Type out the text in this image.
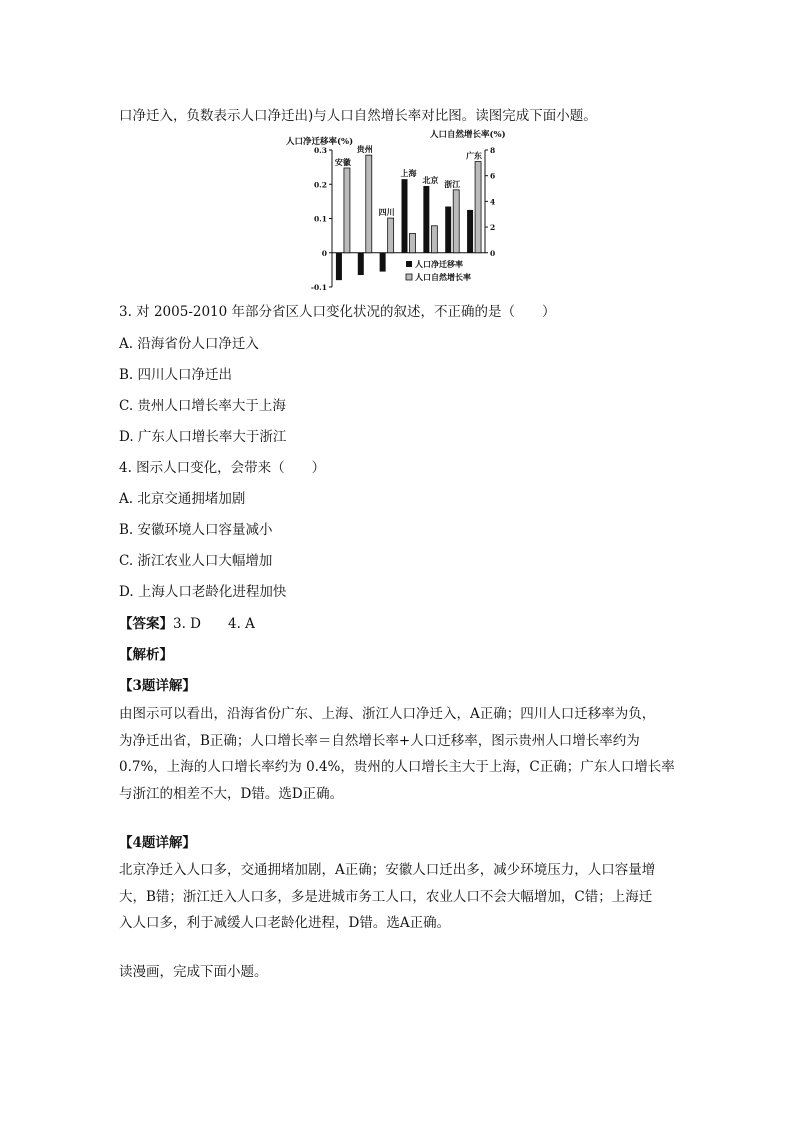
口净迁入，负数表示人口净迁出)与人口自然增长率对比图。读图完成下面小题。
人口净迁移率(%)
人口自然增长率(%)
0.3
0.2
0.1
0
-0.1
8
6
4
2
0
安徽
贵州
四川
上海
北京 浙江
广东
人口净迁移率
人口自然增长率
3. 对 2005-2010 年部分省区人口变化状况的叙述，不正确的是（　　）
A. 沿海省份人口净迁入
B. 四川人口净迁出
C. 贵州人口增长率大于上海
D. 广东人口增长率大于浙江
4. 图示人口变化，会带来（　　）
A. 北京交通拥堵加剧
B. 安徽环境人口容量减小
C. 浙江农业人口大幅增加
D. 上海人口老龄化进程加快
【答案】3. D　　4. A
【解析】
【3题详解】
由图示可以看出，沿海省份广东、上海、浙江人口净迁入，A正确；四川人口迁移率为负，
为净迁出省，B正确；人口增长率＝自然增长率+人口迁移率，图示贵州人口增长率约为
0.7%，上海的人口增长率约为 0.4%，贵州的人口增长主大于上海，C正确；广东人口增长率
与浙江的相差不大，D错。选D正确。
【4题详解】
北京净迁入人口多，交通拥堵加剧，A正确；安徽人口迁出多，减少环境压力，人口容量增
大，B错；浙江迁入人口多，多是进城市务工人口，农业人口不会大幅增加，C错；上海迁
入人口多，利于减缓人口老龄化进程，D错。选A正确。
读漫画，完成下面小题。
